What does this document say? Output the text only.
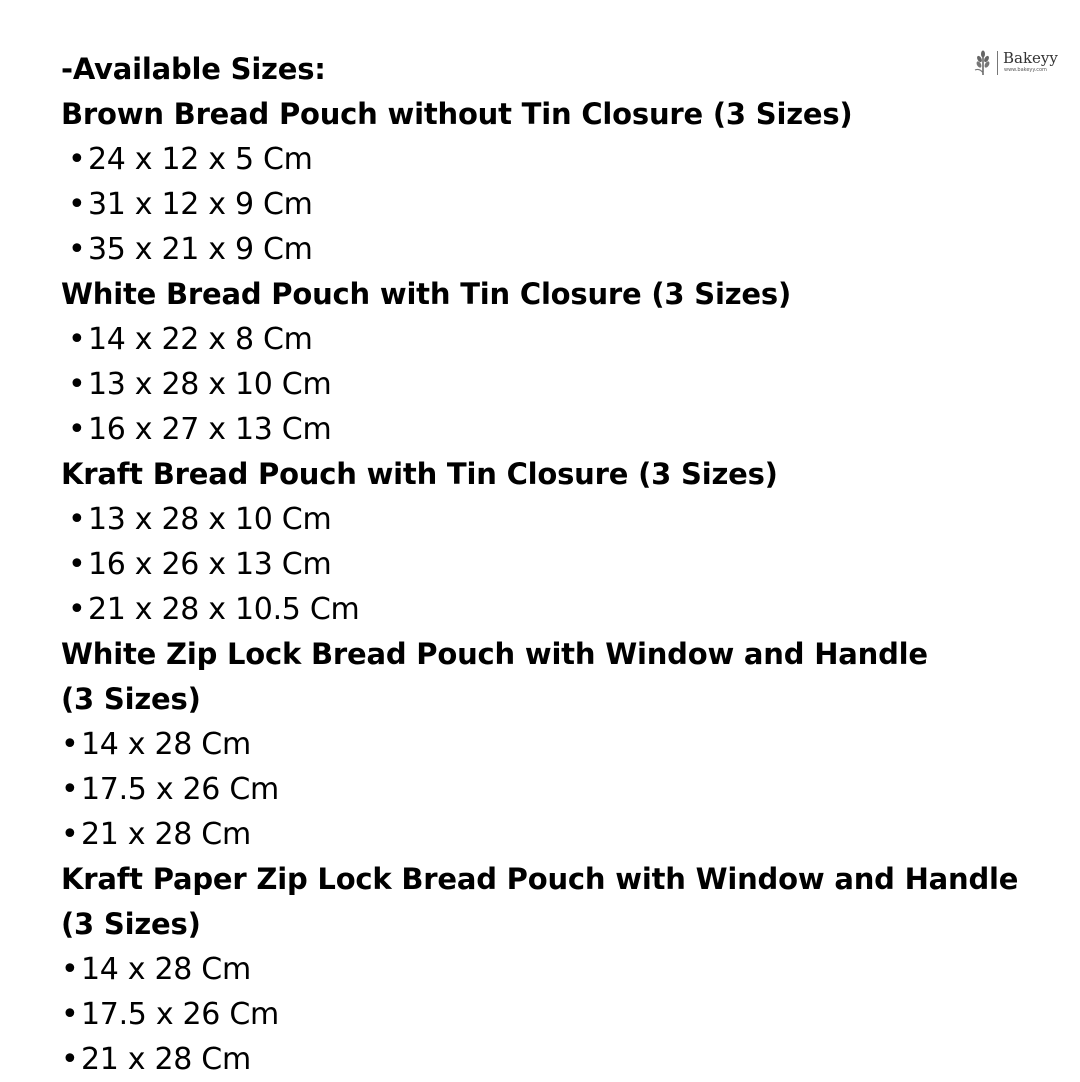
Bakeyy
www.bakeyy.com
-Available Sizes:
Brown Bread Pouch without Tin Closure (3 Sizes)
•24 x 12 x 5 Cm
•31 x 12 x 9 Cm
•35 x 21 x 9 Cm
White Bread Pouch with Tin Closure (3 Sizes)
•14 x 22 x 8 Cm
•13 x 28 x 10 Cm
•16 x 27 x 13 Cm
Kraft Bread Pouch with Tin Closure (3 Sizes)
•13 x 28 x 10 Cm
•16 x 26 x 13 Cm
•21 x 28 x 10.5 Cm
White Zip Lock Bread Pouch with Window and Handle
(3 Sizes)
•14 x 28 Cm
•17.5 x 26 Cm
•21 x 28 Cm
Kraft Paper Zip Lock Bread Pouch with Window and Handle
(3 Sizes)
•14 x 28 Cm
•17.5 x 26 Cm
•21 x 28 Cm
